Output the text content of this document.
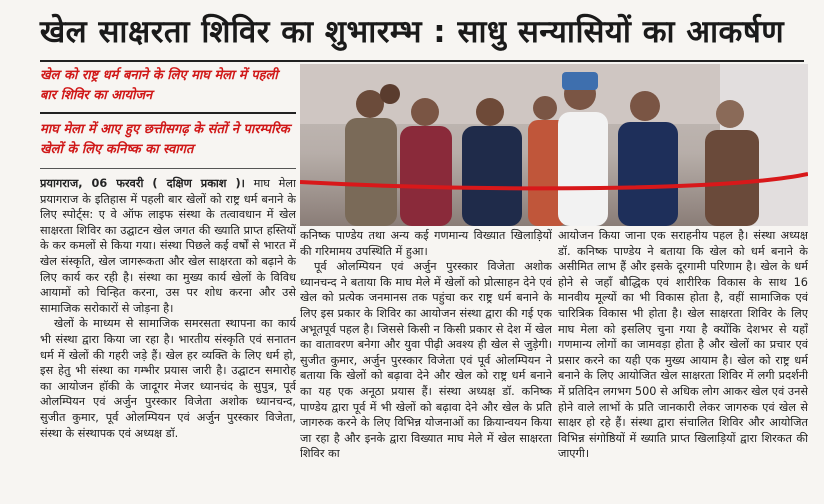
खेल साक्षरता शिविर का शुभारम्भ : साधु सन्यासियों का आकर्षण
खेल को राष्ट्र धर्म बनाने के लिए माघ मेला में पहली बार शिविर का आयोजन
माघ मेला में आए हुए छत्तीसगढ़ के संतों ने पारम्परिक खेलों के लिए कनिष्क का स्वागत

प्रयागराज, 06 फरवरी ( दक्षिण प्रकाश )। माघ मेला प्रयागराज के इतिहास में पहली बार खेलों को राष्ट्र धर्म बनाने के लिए स्पोर्ट्स: ए वे ऑफ लाइफ संस्था के तत्वावधान में खेल साक्षरता शिविर का उद्घाटन खेल जगत की ख्याति प्राप्त हस्तियों के कर कमलों से किया गया। संस्था पिछले कई वर्षों से भारत में खेल संस्कृति, खेल जागरूकता और खेल साक्षरता को बढ़ाने के लिए कार्य कर रही है। संस्था का मुख्य कार्य खेलों के विविध आयामों को चिन्हित करना, उस पर शोध करना और उसे सामाजिक सरोकारों से जोड़ना है।

खेलों के माध्यम से सामाजिक समरसता स्थापना का कार्य भी संस्था द्वारा किया जा रहा है। भारतीय संस्कृति एवं सनातन धर्म में खेलों की गहरी जड़े हैं। खेल हर व्यक्ति के लिए धर्म हो, इस हेतु भी संस्था का गम्भीर प्रयास जारी है। उद्घाटन समारोह का आयोजन हॉकी के जादूगर मेजर ध्यानचंद के सुपुत्र, पूर्व ओलम्पियन एवं अर्जुन पुरस्कार विजेता अशोक ध्यानचन्द, सुजीत कुमार, पूर्व ओलम्पियन एवं अर्जुन पुरस्कार विजेता, संस्था के संस्थापक एवं अध्यक्ष डॉ.

कनिष्क पाण्डेय तथा अन्य कई गणमान्य विख्यात खिलाड़ियों की गरिमामय उपस्थिति में हुआ।

पूर्व ओलम्पियन एवं अर्जुन पुरस्कार विजेता अशोक ध्यानचन्द ने बताया कि माघ मेले में खेलों को प्रोत्साहन देने एवं खेल को प्रत्येक जनमानस तक पहुंचा कर राष्ट्र धर्म बनाने के लिए इस प्रकार के शिविर का आयोजन संस्था द्वारा की गई एक अभूतपूर्व पहल है। जिससे किसी न किसी प्रकार से देश में खेल का वातावरण बनेगा और युवा पीढ़ी अवश्य ही खेल से जुड़ेगी। सुजीत कुमार, अर्जुन पुरस्कार विजेता एवं पूर्व ओलम्पियन ने बताया कि खेलों को बढ़ावा देने और खेल को राष्ट्र धर्म बनाने का यह एक अनूठा प्रयास हैं। संस्था अध्यक्ष डॉ. कनिष्क पाण्डेय द्वारा पूर्व में भी खेलों को बढ़ावा देने और खेल के प्रति जागरुक करने के लिए विभिन्न योजनाओं का क्रियान्वयन किया जा रहा है और इनके द्वारा विख्यात माघ मेले में खेल साक्षरता शिविर का

आयोजन किया जाना एक सराहनीय पहल है। संस्था अध्यक्ष डॉ. कनिष्क पाण्डेय ने बताया कि खेल को धर्म बनाने के असीमित लाभ हैं और इसके दूरगामी परिणाम है। खेल के धर्म होने से जहाँ बौद्धिक एवं शारीरिक विकास के साथ 16 मानवीय मूल्यों का भी विकास होता है, वहीं सामाजिक एवं चारित्रिक विकास भी होता है। खेल साक्षरता शिविर के लिए माघ मेला को इसलिए चुना गया है क्योंकि देशभर से यहाँ गणमान्य लोगों का जामवड़ा होता है और खेलों का प्रचार एवं प्रसार करने का यही एक मुख्य आयाम है। खेल को राष्ट्र धर्म बनाने के लिए आयोजित खेल साक्षरता शिविर में लगी प्रदर्शनी में प्रतिदिन लगभग 500 से अधिक लोग आकर खेल एवं उनसे होने वाले लाभों के प्रति जानकारी लेकर जागरुक एवं खेल से साक्षर हो रहे हैं। संस्था द्वारा संचालित शिविर और आयोजित विभिन्न संगोष्ठियों में ख्याति प्राप्त खिलाड़ियों द्वारा शिरकत की जाएगी।
